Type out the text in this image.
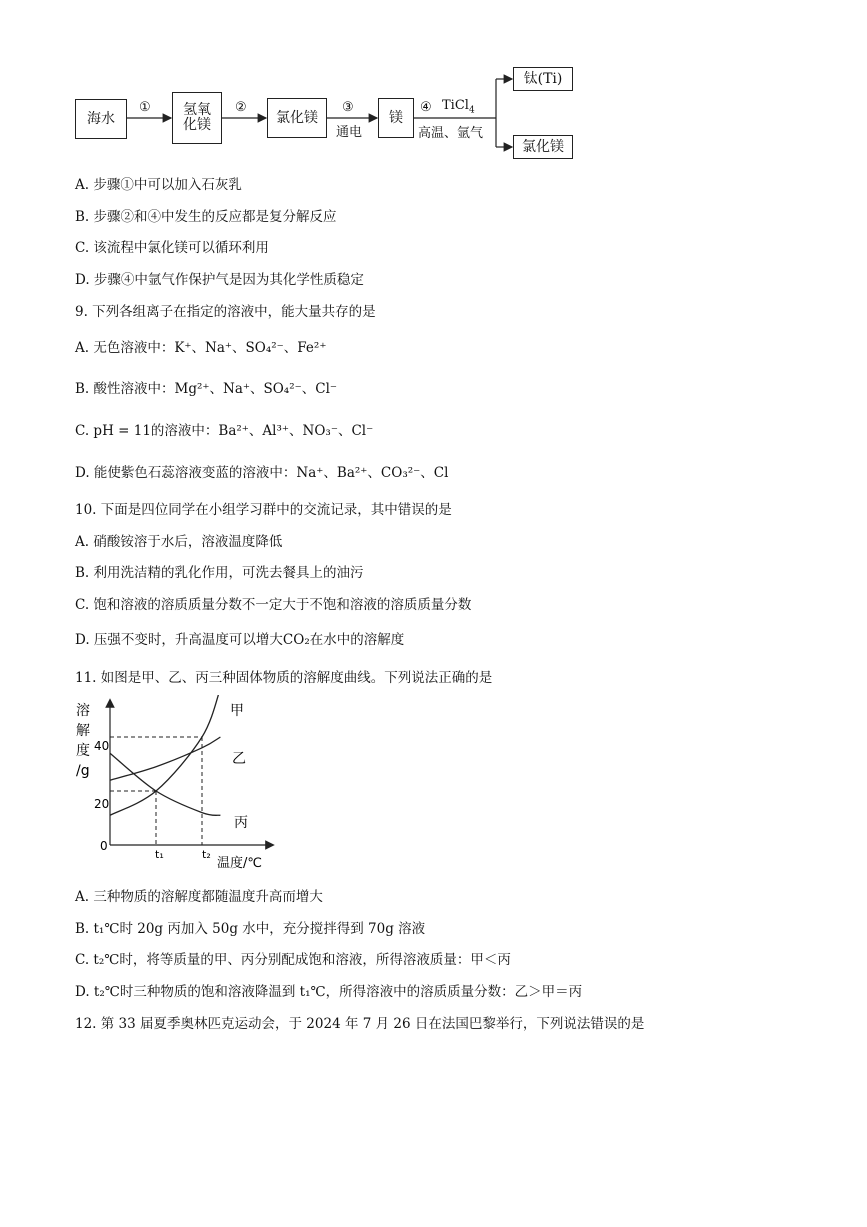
海水
氢氧
化镁	氯化镁	镁
钛(Ti)
氯化镁
①	②	③
通电
④ TiCl$_4$
高温、氩气
A. 步骤①中可以加入石灰乳
B. 步骤②和④中发生的反应都是复分解反应
C. 该流程中氯化镁可以循环利用
D. 步骤④中氩气作保护气是因为其化学性质稳定
9. 下列各组离子在指定的溶液中，能大量共存的是
A. 无色溶液中：K⁺、Na⁺、SO₄²⁻、Fe²⁺
B. 酸性溶液中：Mg²⁺、Na⁺、SO₄²⁻、Cl⁻
C. pH = 11的溶液中：Ba²⁺、Al³⁺、NO₃⁻、Cl⁻
D. 能使紫色石蕊溶液变蓝的溶液中：Na⁺、Ba²⁺、CO₃²⁻、Cl
10. 下面是四位同学在小组学习群中的交流记录，其中错误的是
A. 硝酸铵溶于水后，溶液温度降低
B. 利用洗洁精的乳化作用，可洗去餐具上的油污
C. 饱和溶液的溶质质量分数不一定大于不饱和溶液的溶质质量分数
D. 压强不变时，升高温度可以增大CO₂在水中的溶解度
11. 如图是甲、乙、丙三种固体物质的溶解度曲线。下列说法正确的是
溶
解
度
/g
0
20
40
t₁	t₂
温度/℃
甲
乙
丙
A. 三种物质的溶解度都随温度升高而增大
B. t₁℃时 20g 丙加入 50g 水中，充分搅拌得到 70g 溶液
C. t₂℃时，将等质量的甲、丙分别配成饱和溶液，所得溶液质量：甲＜丙
D. t₂℃时三种物质的饱和溶液降温到 t₁℃，所得溶液中的溶质质量分数：乙＞甲＝丙
12. 第 33 届夏季奥林匹克运动会，于 2024 年 7 月 26 日在法国巴黎举行，下列说法错误的是
